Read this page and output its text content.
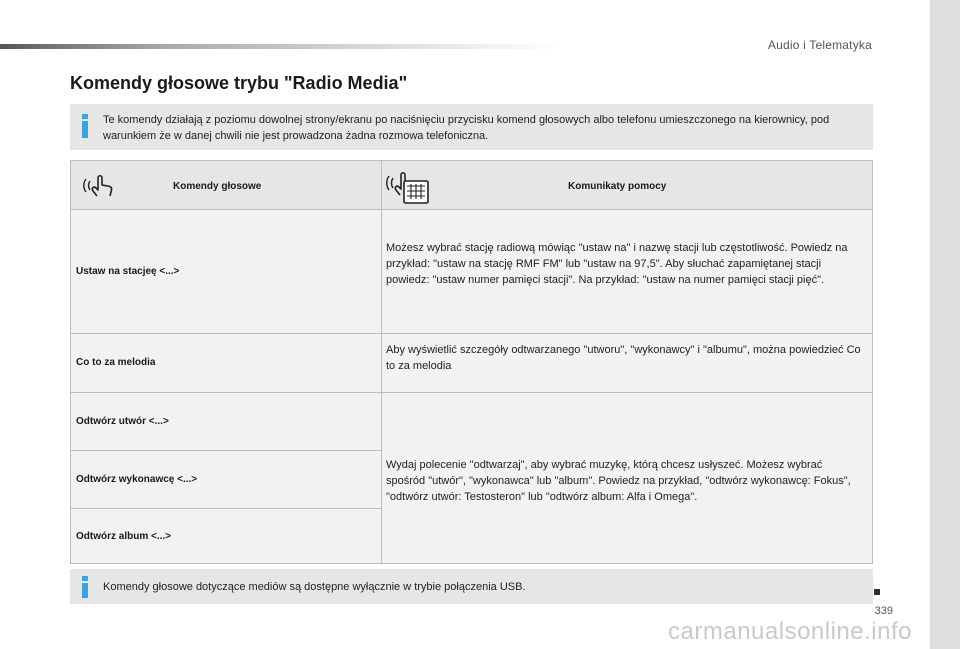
Audio i Telematyka
Komendy głosowe trybu "Radio Media"

Te komendy działają z poziomu dowolnej strony/ekranu po naciśnięciu przycisku komend głosowych albo telefonu umieszczonego na kierownicy, pod warunkiem że w danej chwili nie jest prowadzona żadna rozmowa telefoniczna.

Komendy głosowe	Komunikaty pomocy
Ustaw na stacjeę <...>

Możesz wybrać stację radiową mówiąc "ustaw na" i nazwę stacji lub częstotliwość. Powiedz na przykład: "ustaw na stację RMF FM" lub "ustaw na 97,5". Aby słuchać zapamiętanej stacji powiedz: "ustaw numer pamięci stacji". Na przykład: "ustaw na numer pamięci stacji pięć".

Co to za melodia

Aby wyświetlić szczegóły odtwarzanego "utworu", "wykonawcy" i "albumu", można powiedzieć Co to za melodia

Odtwórz utwór <...>
Odtwórz wykonawcę <...>
Odtwórz album <...>

Wydaj polecenie "odtwarzaj", aby wybrać muzykę, którą chcesz usłyszeć. Możesz wybrać spośród "utwór", "wykonawca" lub "album". Powiedz na przykład, "odtwórz wykonawcę: Fokus", "odtwórz utwór: Testosteron" lub "odtwórz album: Alfa i Omega".

Komendy głosowe dotyczące mediów są dostępne wyłącznie w trybie połączenia USB.

339
carmanualsonline.info
